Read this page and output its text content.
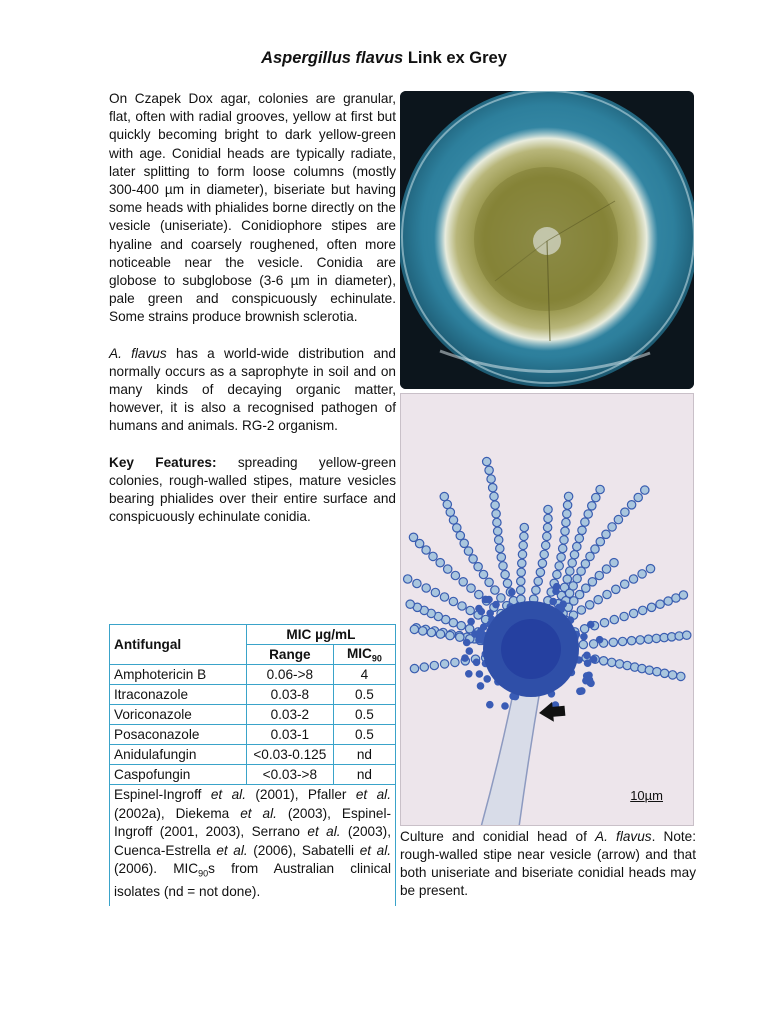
Aspergillus flavus Link ex Grey

On Czapek Dox agar, colonies are granular, flat, often with radial grooves, yellow at first but quickly becoming bright to dark yellow-green with age. Conidial heads are typically radiate, later splitting to form loose columns (mostly 300-400 µm in diameter), biseriate but having some heads with phialides borne directly on the vesicle (uniseriate). Conidiophore stipes are hyaline and coarsely roughened, often more noticeable near the vesicle. Conidia are globose to subglobose (3-6 µm in diameter), pale green and conspicuously echinulate. Some strains produce brownish sclerotia.

A. flavus has a world-wide distribution and normally occurs as a saprophyte in soil and on many kinds of decaying organic matter, however, it is also a recognised pathogen of humans and animals. RG-2 organism.

Key Features: spreading yellow-green colonies, rough-walled stipes, mature vesicles bearing phialides over their entire surface and conspicuously echinulate conidia.

10µm
Antifungal	MIC µg/mL	
	Range	$MIC_{90}$
Amphotericin B	0.06->8	4
Itraconazole	0.03-8	0.5
Voriconazole	0.03-2	0.5
Posaconazole	0.03-1	0.5
Anidulafungin	<0.03-0.125	nd
Caspofungin	<0.03->8	nd
Espinel-Ingroff et al. (2001), Pfaller et al. (2002a), Diekema et al. (2003), Espinel-Ingroff (2001, 2003), Serrano et al. (2003), Cuenca-Estrella et al. (2006), Sabatelli et al. (2006). $MIC_{90}s$ from Australian clinical isolates (nd = not done).		
Culture and conidial head of A. flavus. Note: rough-walled stipe near vesicle (arrow) and that both uniseriate and biseriate conidial heads may be present.
